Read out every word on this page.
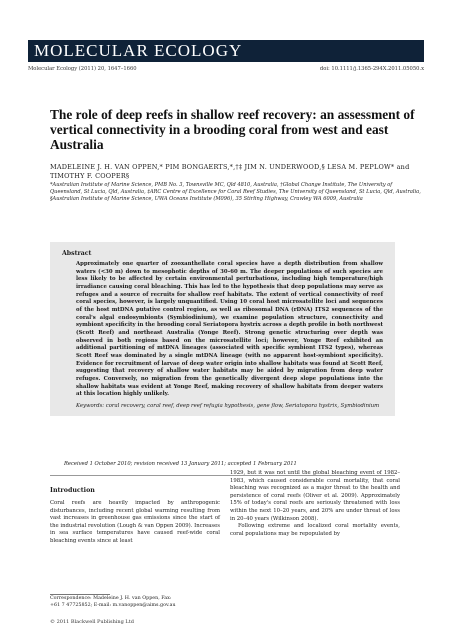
MOLECULAR ECOLOGY
Molecular Ecology (2011) 20, 1647–1660	doi: 10.1111/j.1365-294X.2011.05050.x
The role of deep reefs in shallow reef recovery: an assessment of vertical connectivity in a brooding coral from west and east Australia
MADELEINE J. H. VAN OPPEN,* PIM BONGAERTS,*,†‡ JIM N. UNDERWOOD,§ LESA M. PEPLOW* and TIMOTHY F. COOPER§
*Australian Institute of Marine Science, PMB No. 3, Townsville MC, Qld 4810, Australia, †Global Change Institute, The University of Queensland, St Lucia, Qld, Australia, ‡ARC Centre of Excellence for Coral Reef Studies, The University of Queensland, St Lucia, Qld, Australia, §Australian Institute of Marine Science, UWA Oceans Institute (M096), 35 Stirling Highway, Crawley WA 6009, Australia
Abstract
Approximately one quarter of zooxanthellate coral species have a depth distribution from shallow waters (<30 m) down to mesophotic depths of 30–60 m. The deeper populations of such species are less likely to be affected by certain environmental perturbations, including high temperature/high irradiance causing coral bleaching. This has led to the hypothesis that deep populations may serve as refuges and a source of recruits for shallow reef habitats. The extent of vertical connectivity of reef coral species, however, is largely unquantified. Using 10 coral host microsatellite loci and sequences of the host mtDNA putative control region, as well as ribosomal DNA (rDNA) ITS2 sequences of the coral's algal endosymbionts (Symbiodinium), we examine population structure, connectivity and symbiont specificity in the brooding coral Seriatopora hystrix across a depth profile in both northwest (Scott Reef) and northeast Australia (Yonge Reef). Strong genetic structuring over depth was observed in both regions based on the microsatellite loci; however, Yonge Reef exhibited an additional partitioning of mtDNA lineages (associated with specific symbiont ITS2 types), whereas Scott Reef was dominated by a single mtDNA lineage (with no apparent host-symbiont specificity). Evidence for recruitment of larvae of deep water origin into shallow habitats was found at Scott Reef, suggesting that recovery of shallow water habitats may be aided by migration from deep water refuges. Conversely, no migration from the genetically divergent deep slope populations into the shallow habitats was evident at Yonge Reef, making recovery of shallow habitats from deeper waters at this location highly unlikely.
Keywords: coral recovery, coral reef, deep reef refugia hypothesis, gene flow, Seriatopora hystrix, Symbiodinium
Received 1 October 2010; revision received 13 January 2011; accepted 1 February 2011
Introduction
Coral reefs are heavily impacted by anthropogenic disturbances, including recent global warming resulting from vast increases in greenhouse gas emissions since the start of the industrial revolution (Lough & van Oppen 2009). Increases in sea surface temperatures have caused reef-wide coral bleaching events since at least
1929, but it was not until the global bleaching event of 1982–1983, which caused considerable coral mortality, that coral bleaching was recognized as a major threat to the health and persistence of coral reefs (Oliver et al. 2009). Approximately 15% of today's coral reefs are seriously threatened with loss within the next 10–20 years, and 20% are under threat of loss in 20–40 years (Wilkinson 2008).
Following extreme and localized coral mortality events, coral populations may be repopulated by
Correspondence: Madeleine J. H. van Oppen, Fax:
+61 7 47725852; E-mail: m.vanoppen@aims.gov.au
© 2011 Blackwell Publishing Ltd
